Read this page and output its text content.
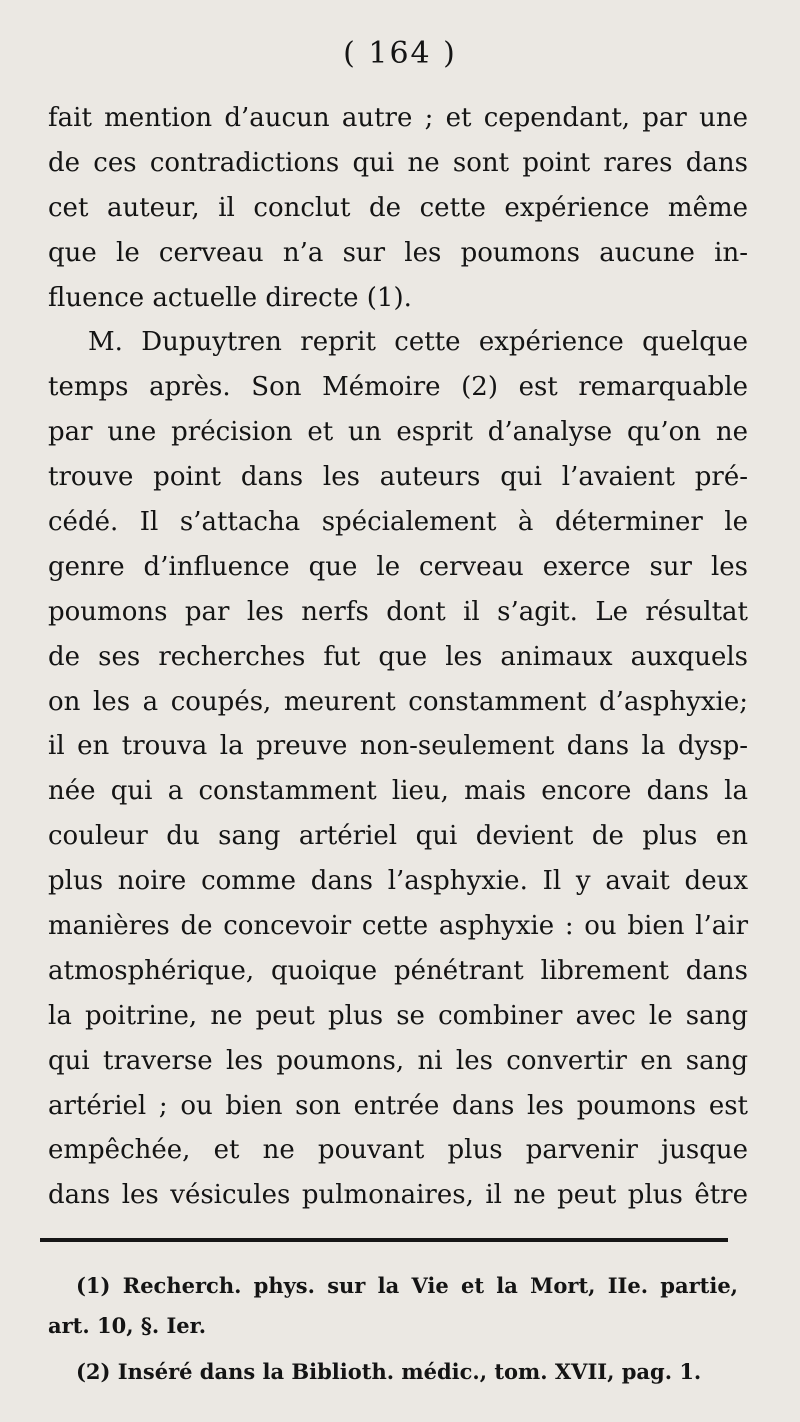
( 164 )
fait mention d’aucun autre ; et cependant, par une
de ces contradictions qui ne sont point rares dans
cet auteur, il conclut de cette expérience même
que le cerveau n’a sur les poumons aucune in-
fluence actuelle directe (1).
M. Dupuytren reprit cette expérience quelque
temps après. Son Mémoire (2) est remarquable
par une précision et un esprit d’analyse qu’on ne
trouve point dans les auteurs qui l’avaient pré-
cédé. Il s’attacha spécialement à déterminer le
genre d’influence que le cerveau exerce sur les
poumons par les nerfs dont il s’agit. Le résultat
de ses recherches fut que les animaux auxquels
on les a coupés, meurent constamment d’asphyxie;
il en trouva la preuve non-seulement dans la dysp-
née qui a constamment lieu, mais encore dans la
couleur du sang artériel qui devient de plus en
plus noire comme dans l’asphyxie. Il y avait deux
manières de concevoir cette asphyxie : ou bien l’air
atmosphérique, quoique pénétrant librement dans
la poitrine, ne peut plus se combiner avec le sang
qui traverse les poumons, ni les convertir en sang
artériel ; ou bien son entrée dans les poumons est
empêchée, et ne pouvant plus parvenir jusque
dans les vésicules pulmonaires, il ne peut plus être
(1) Recherch. phys. sur la Vie et la Mort, IIe. partie,
art. 10, §. Ier.
(2) Inséré dans la Biblioth. médic., tom. XVII, pag. 1.
